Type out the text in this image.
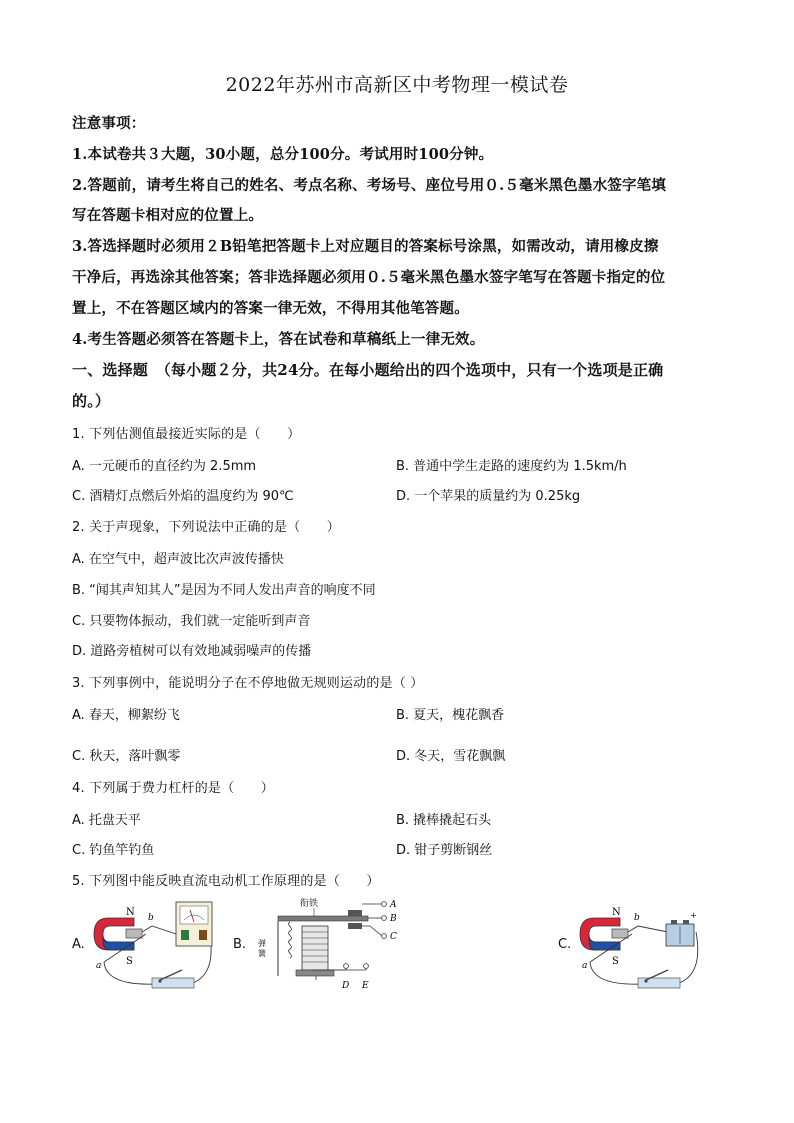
2022年苏州市高新区中考物理一模试卷
注意事项：
1.本试卷共３大题，30小题，总分100分。考试用时100分钟。
2.答题前，请考生将自己的姓名、考点名称、考场号、座位号用０.５毫米黑色墨水签字笔填
写在答题卡相对应的位置上。
3.答选择题时必须用２B铅笔把答题卡上对应题目的答案标号涂黑，如需改动，请用橡皮擦
干净后，再选涂其他答案；答非选择题必须用０.５毫米黑色墨水签字笔写在答题卡指定的位
置上，不在答题区域内的答案一律无效，不得用其他笔答题。
4.考生答题必须答在答题卡上，答在试卷和草稿纸上一律无效。
一、选择题　（每小题２分，共24分。在每小题给出的四个选项中，只有一个选项是正确
的。）
1. 下列估测值最接近实际的是（　　）
A. 一元硬币的直径约为 2.5mm	B. 普通中学生走路的速度约为 1.5km/h
C. 酒精灯点燃后外焰的温度约为 90℃	D. 一个苹果的质量约为 0.25kg
2. 关于声现象，下列说法中正确的是（　　）
A. 在空气中，超声波比次声波传播快
B. “闻其声知其人”是因为不同人发出声音的响度不同
C. 只要物体振动，我们就一定能听到声音
D. 道路旁植树可以有效地减弱噪声的传播
3. 下列事例中，能说明分子在不停地做无规则运动的是（ ）
A. 春天，柳絮纷飞	B. 夏天，槐花飘香
C. 秋天，落叶飘零	D. 冬天，雪花飘飘
4. 下列属于费力杠杆的是（　　）
A. 托盘天平	B. 撬棒撬起石头
C. 钓鱼竿钓鱼	D. 钳子剪断钢丝
5. 下列图中能反映直流电动机工作原理的是（　　）
A.	B.	C.
N
S
a
b
衔铁
弹
簧
A
B
C
D E
N
S
a
b	+
